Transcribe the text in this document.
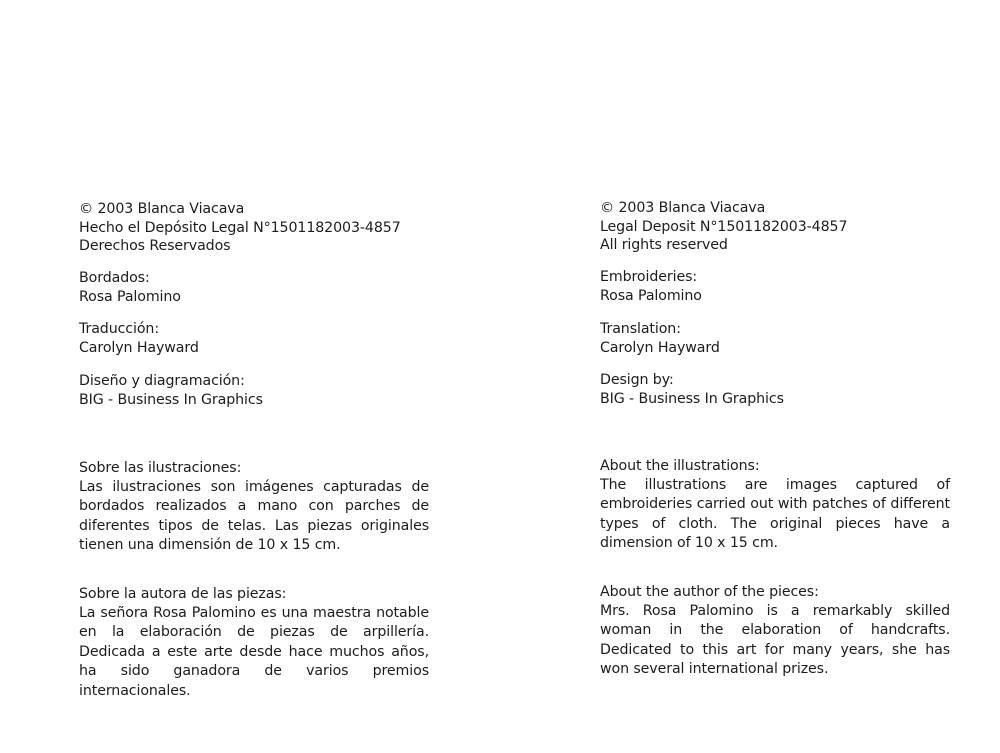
© 2003 Blanca Viacava
Hecho el Depósito Legal N°1501182003-4857
Derechos Reservados
Bordados:
Rosa Palomino
Traducción:
Carolyn Hayward
Diseño y diagramación:
BIG - Business In Graphics
Sobre las ilustraciones:
Las ilustraciones son imágenes capturadas de bordados realizados a mano con parches de diferentes tipos de telas. Las piezas originales tienen una dimensión de 10 x 15 cm.
Sobre la autora de las piezas:
La señora Rosa Palomino es una maestra notable en la elaboración de piezas de arpillería. Dedicada a este arte desde hace muchos años, ha sido ganadora de varios premios internacionales.
© 2003 Blanca Viacava
Legal Deposit N°1501182003-4857
All rights reserved
Embroideries:
Rosa Palomino
Translation:
Carolyn Hayward
Design by:
BIG - Business In Graphics
About the illustrations:
The illustrations are images captured of embroideries carried out with patches of different types of cloth. The original pieces have a dimension of 10 x 15 cm.
About the author of the pieces:
Mrs. Rosa Palomino is a remarkably skilled woman in the elaboration of handcrafts. Dedicated to this art for many years, she has won several international prizes.
